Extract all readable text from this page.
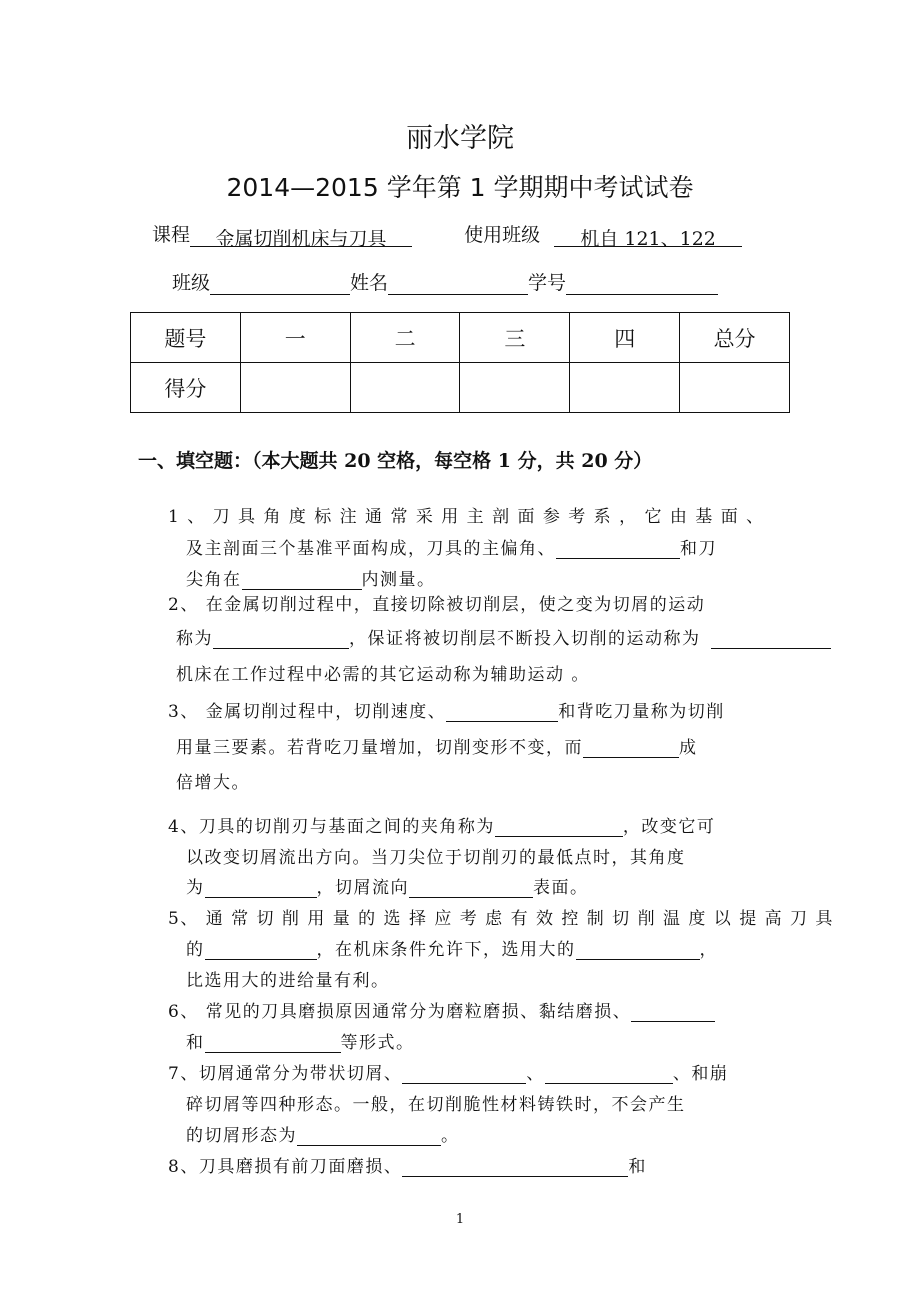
丽水学院
2014—2015 学年第 1 学期期中考试试卷
课程 金属切削机床与刀具	使用班级 机自 121、122
班级	姓名	学号
题号	一	二	三	四	总分
得分					
一、填空题：（本大题共 20 空格，每空格 1 分，共 20 分）
1 、 刀 具 角 度 标 注 通 常 采 用 主 剖 面 参 考 系 ， 它 由 基 面 、
及主剖面三个基准平面构成，刀具的主偏角、	和刀
尖角在	内测量。
2、 在金属切削过程中，直接切除被切削层，使之变为切屑的运动
称为	，保证将被切削层不断投入切削的运动称为
机床在工作过程中必需的其它运动称为辅助运动 。
3、 金属切削过程中，切削速度、	和背吃刀量称为切削
用量三要素。若背吃刀量增加，切削变形不变，而	成
倍增大。
4、刀具的切削刃与基面之间的夹角称为	，改变它可
以改变切屑流出方向。当刀尖位于切削刃的最低点时，其角度
为	，切屑流向	表面。
5、 通 常 切 削 用 量 的 选 择 应 考 虑 有 效 控 制 切 削 温 度 以 提 高 刀 具
的	，在机床条件允许下，选用大的	，
比选用大的进给量有利。
6、 常见的刀具磨损原因通常分为磨粒磨损、黏结磨损、
和	等形式。
7、切屑通常分为带状切屑、	、	、和崩
碎切屑等四种形态。一般，在切削脆性材料铸铁时，不会产生
的切屑形态为	。
8、刀具磨损有前刀面磨损、	和
1
